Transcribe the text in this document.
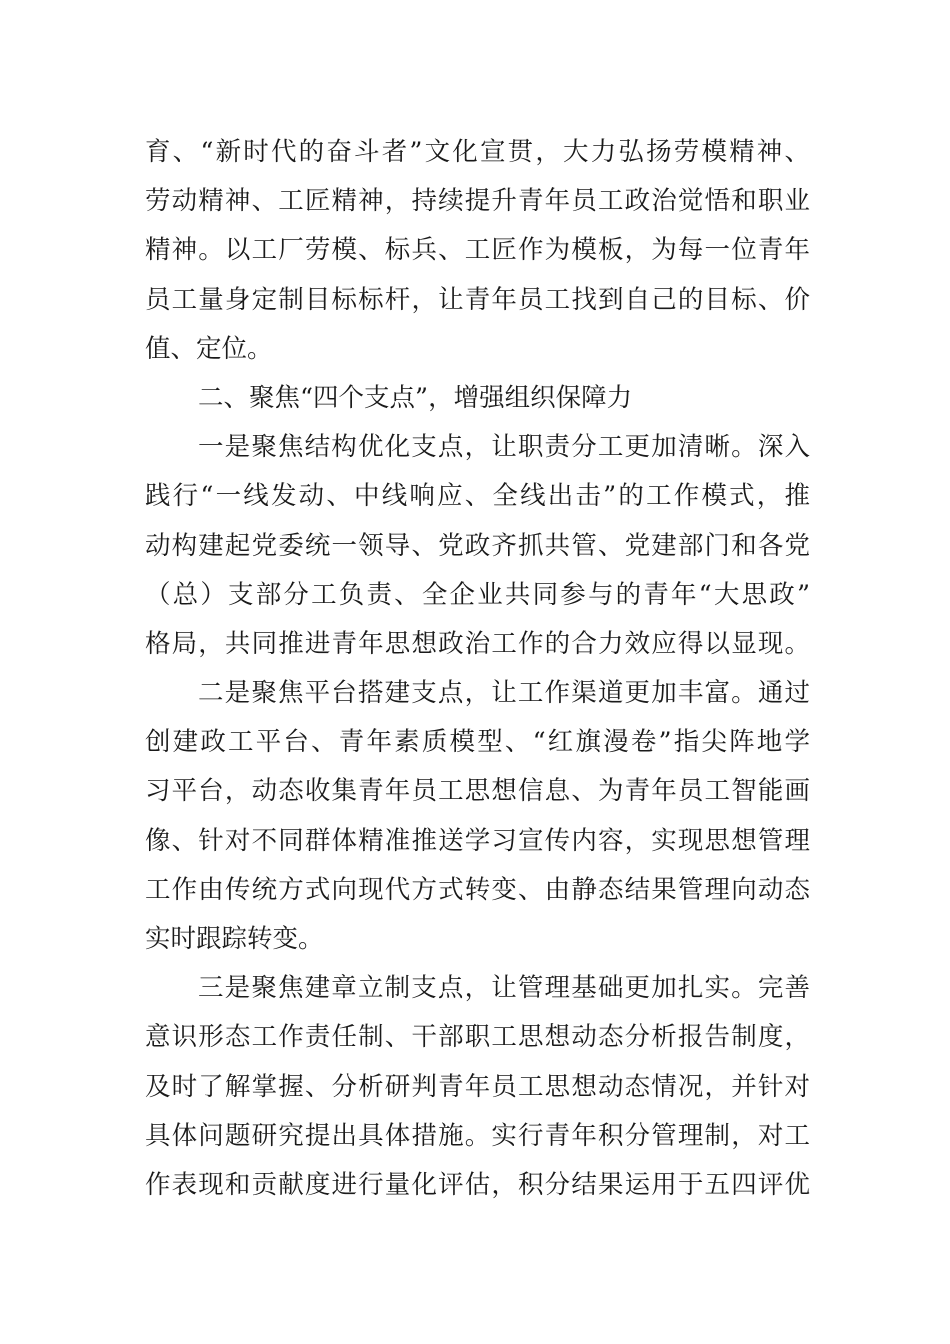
育、“新时代的奋斗者”文化宣贯，大力弘扬劳模精神、
劳动精神、工匠精神，持续提升青年员工政治觉悟和职业
精神。以工厂劳模、标兵、工匠作为模板，为每一位青年
员工量身定制目标标杆，让青年员工找到自己的目标、价
值、定位。
二、聚焦“四个支点”，增强组织保障力
一是聚焦结构优化支点，让职责分工更加清晰。深入
践行“一线发动、中线响应、全线出击”的工作模式，推
动构建起党委统一领导、党政齐抓共管、党建部门和各党
（总）支部分工负责、全企业共同参与的青年“大思政”
格局，共同推进青年思想政治工作的合力效应得以显现。
二是聚焦平台搭建支点，让工作渠道更加丰富。通过
创建政工平台、青年素质模型、“红旗漫卷”指尖阵地学
习平台，动态收集青年员工思想信息、为青年员工智能画
像、针对不同群体精准推送学习宣传内容，实现思想管理
工作由传统方式向现代方式转变、由静态结果管理向动态
实时跟踪转变。
三是聚焦建章立制支点，让管理基础更加扎实。完善
意识形态工作责任制、干部职工思想动态分析报告制度，
及时了解掌握、分析研判青年员工思想动态情况，并针对
具体问题研究提出具体措施。实行青年积分管理制，对工
作表现和贡献度进行量化评估，积分结果运用于五四评优
